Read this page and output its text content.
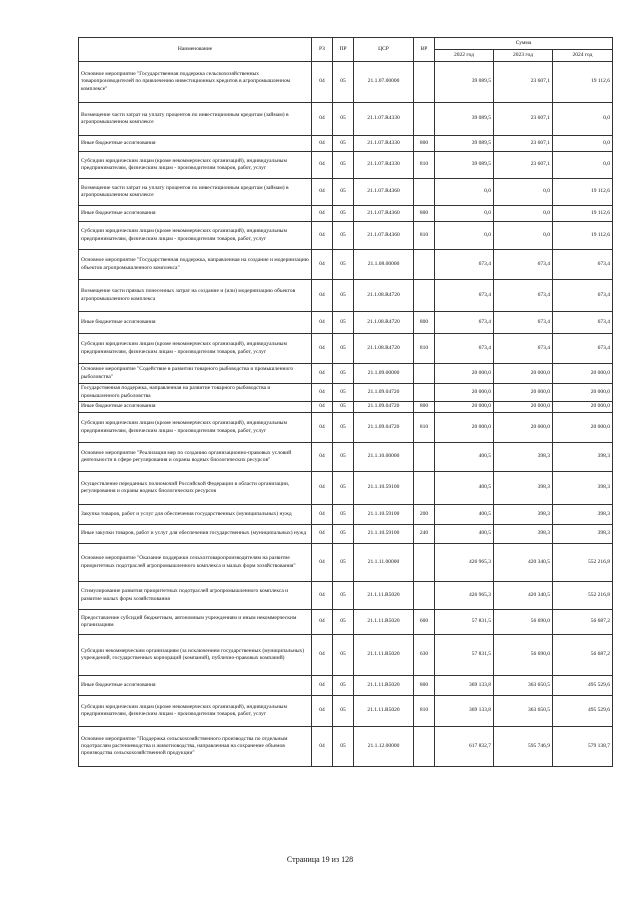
Наименование	РЗ	ПР	ЦСР	ВР	Сумма		
					2022 год	2023 год	2024 год
Основное мероприятие "Государственная поддержка сельскохозяйственных товаропроизводителей по привлечению инвестиционных кредитов в агропромышленном комплексе"	04	05	21.1.07.00000		39 089,5	23 607,1	19 112,6
Возмещение части затрат на уплату процентов по инвестиционным кредитам (займам) в агропромышленном комплексе	04	05	21.1.07.R4330		39 089,5	23 607,1	0,0
Иные бюджетные ассигнования	04	05	21.1.07.R4330	800	39 089,5	23 607,1	0,0
Субсидии юридическим лицам (кроме некоммерческих организаций), индивидуальным предпринимателям, физическим лицам - производителям товаров, работ, услуг	04	05	21.1.07.R4330	810	39 089,5	23 607,1	0,0
Возмещение части затрат на уплату процентов по инвестиционным кредитам (займам) в агропромышленном комплексе	04	05	21.1.07.R4360		0,0	0,0	19 112,6
Иные бюджетные ассигнования	04	05	21.1.07.R4360	800	0,0	0,0	19 112,6
Субсидии юридическим лицам (кроме некоммерческих организаций), индивидуальным предпринимателям, физическим лицам - производителям товаров, работ, услуг	04	05	21.1.07.R4360	810	0,0	0,0	19 112,6
Основное мероприятие "Государственная поддержка, направленная на создание и модернизацию объектов агропромышленного комплекса"	04	05	21.1.08.00000		673,4	673,4	673,4
Возмещение части прямых понесенных затрат на создание и (или) модернизацию объектов агропромышленного комплекса	04	05	21.1.08.R4720		673,4	673,4	673,4
Иные бюджетные ассигнования	04	05	21.1.08.R4720	800	673,4	673,4	673,4
Субсидии юридическим лицам (кроме некоммерческих организаций), индивидуальным предпринимателям, физическим лицам - производителям товаров, работ, услуг	04	05	21.1.08.R4720	810	673,4	673,4	673,4
Основное мероприятие "Содействие в развитии товарного рыбоводства и промышленного рыболовства"	04	05	21.1.09.00000		20 000,0	20 000,0	20 000,0
Государственная поддержка, направленная на развитие товарного рыбоводства и промышленного рыболовства	04	05	21.1.09.04720		20 000,0	20 000,0	20 000,0
Иные бюджетные ассигнования	04	05	21.1.09.04720	800	20 000,0	20 000,0	20 000,0
Субсидии юридическим лицам (кроме некоммерческих организаций), индивидуальным предпринимателям, физическим лицам - производителям товаров, работ, услуг	04	05	21.1.09.04720	810	20 000,0	20 000,0	20 000,0
Основное мероприятие "Реализация мер по созданию организационно-правовых условий деятельности в сфере регулирования и охраны водных биологических ресурсов"	04	05	21.1.10.00000		400,5	398,3	398,3
Осуществление переданных полномочий Российской Федерации в области организации, регулирования и охраны водных биологических ресурсов	04	05	21.1.10.59100		400,5	398,3	398,3
Закупка товаров, работ и услуг для обеспечения государственных (муниципальных) нужд	04	05	21.1.10.59100	200	400,5	398,3	398,3
Иные закупки товаров, работ и услуг для обеспечения государственных (муниципальных) нужд	04	05	21.1.10.59100	240	400,5	398,3	398,3
Основное мероприятие "Оказание поддержки сельхозтоваропроизводителям на развитие приоритетных подотраслей агропромышленного комплекса и малых форм хозяйствования"	04	05	21.1.11.00000		426 965,3	420 340,5	552 216,8
Стимулирование развития приоритетных подотраслей агропромышленного комплекса и развитие малых форм хозяйствования	04	05	21.1.11.R5020		426 965,3	420 340,5	552 216,8
Предоставление субсидий бюджетным, автономным учреждениям и иным некоммерческим организациям	04	05	21.1.11.R5020	600	57 831,5	56 690,0	56 687,2
Субсидии некоммерческим организациям (за исключением государственных (муниципальных) учреждений, государственных корпораций (компаний), публично-правовых компаний)	04	05	21.1.11.R5020	630	57 831,5	56 690,0	56 687,2
Иные бюджетные ассигнования	04	05	21.1.11.R5020	800	369 133,8	363 650,5	495 529,6
Субсидии юридическим лицам (кроме некоммерческих организаций), индивидуальным предпринимателям, физическим лицам - производителям товаров, работ, услуг	04	05	21.1.11.R5020	810	369 133,8	363 650,5	495 529,6
Основное мероприятие "Поддержка сельскохозяйственного производства по отдельным подотраслям растениеводства и животноводства, направленная на сохранение объемов производства сельскохозяйственной продукции"	04	05	21.1.12.00000		617 832,7	595 746,9	579 138,7
Страница 19 из 128
